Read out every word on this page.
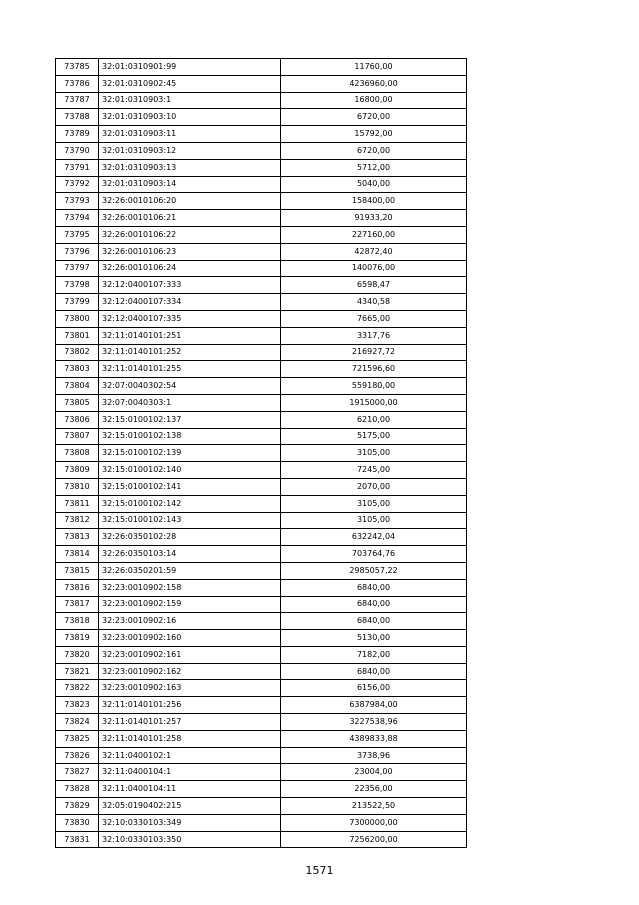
73785	32:01:0310901:99	11760,00
73786	32:01:0310902:45	4236960,00
73787	32:01:0310903:1	16800,00
73788	32:01:0310903:10	6720,00
73789	32:01:0310903:11	15792,00
73790	32:01:0310903:12	6720,00
73791	32:01:0310903:13	5712,00
73792	32:01:0310903:14	5040,00
73793	32:26:0010106:20	158400,00
73794	32:26:0010106:21	91933,20
73795	32:26:0010106:22	227160,00
73796	32:26:0010106:23	42872,40
73797	32:26:0010106:24	140076,00
73798	32:12:0400107:333	6598,47
73799	32:12:0400107:334	4340,58
73800	32:12:0400107:335	7665,00
73801	32:11:0140101:251	3317,76
73802	32:11:0140101:252	216927,72
73803	32:11:0140101:255	721596,60
73804	32:07:0040302:54	559180,00
73805	32:07:0040303:1	1915000,00
73806	32:15:0100102:137	6210,00
73807	32:15:0100102:138	5175,00
73808	32:15:0100102:139	3105,00
73809	32:15:0100102:140	7245,00
73810	32:15:0100102:141	2070,00
73811	32:15:0100102:142	3105,00
73812	32:15:0100102:143	3105,00
73813	32:26:0350102:28	632242,04
73814	32:26:0350103:14	703764,76
73815	32:26:0350201:59	2985057,22
73816	32:23:0010902:158	6840,00
73817	32:23:0010902:159	6840,00
73818	32:23:0010902:16	6840,00
73819	32:23:0010902:160	5130,00
73820	32:23:0010902:161	7182,00
73821	32:23:0010902:162	6840,00
73822	32:23:0010902:163	6156,00
73823	32:11:0140101:256	6387984,00
73824	32:11:0140101:257	3227538,96
73825	32:11:0140101:258	4389833,88
73826	32:11:0400102:1	3738,96
73827	32:11:0400104:1	23004,00
73828	32:11:0400104:11	22356,00
73829	32:05:0190402:215	213522,50
73830	32:10:0330103:349	7300000,00
73831	32:10:0330103:350	7256200,00
1571
